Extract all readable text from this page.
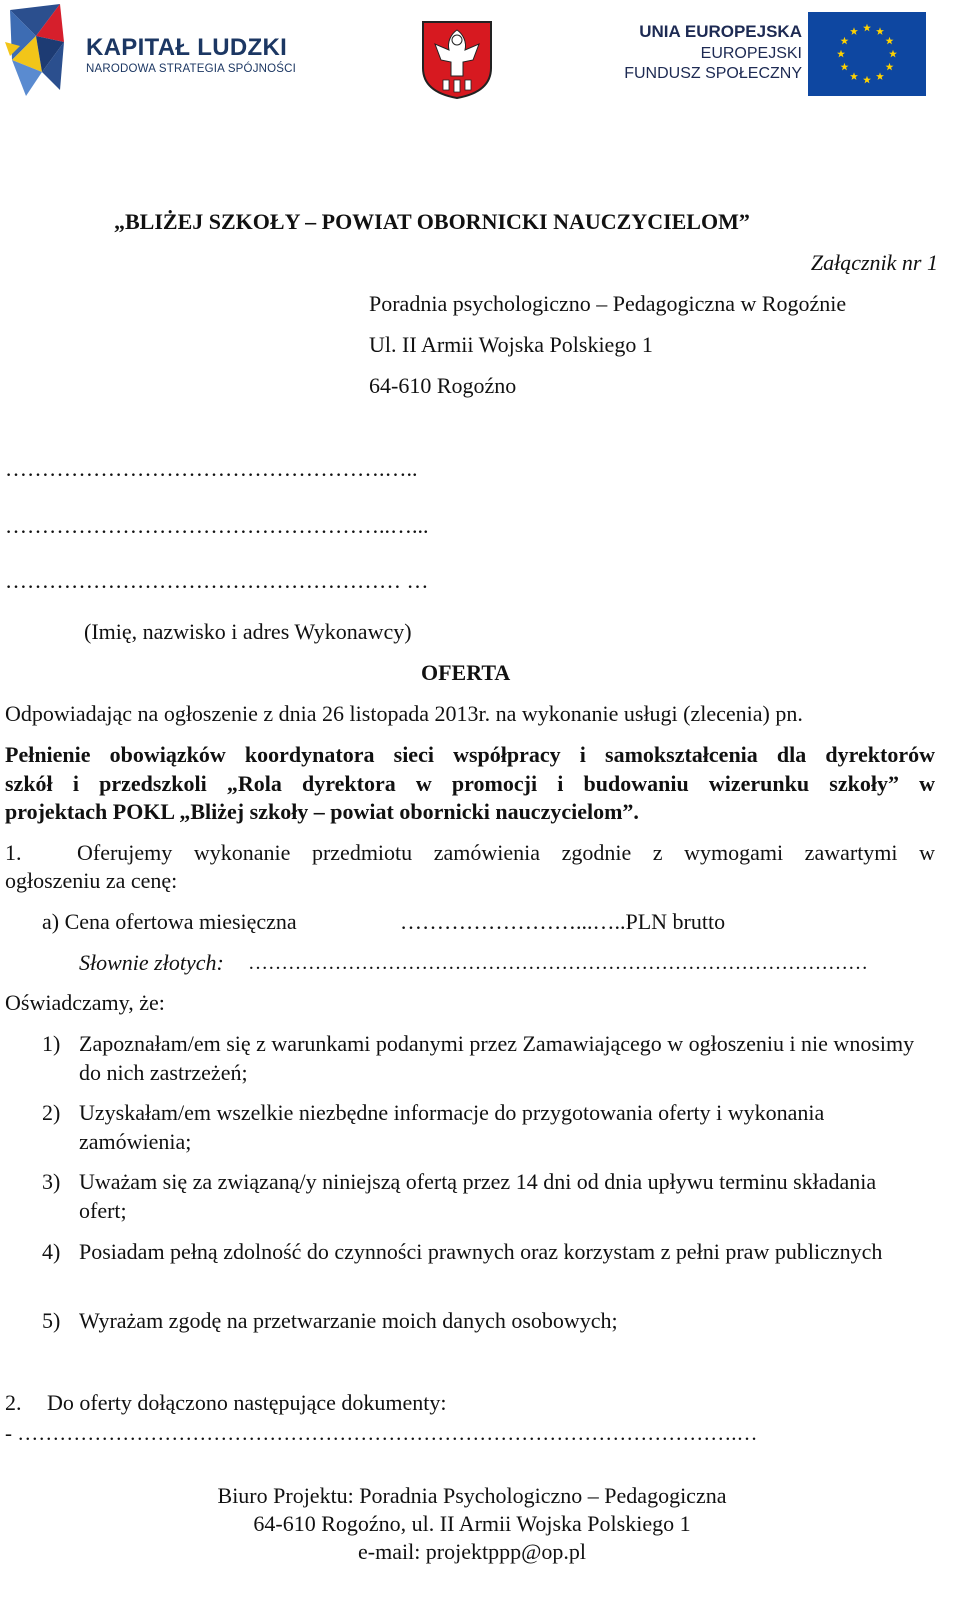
KAPITAŁ LUDZKI
NARODOWA STRATEGIA SPÓJNOŚCI
UNIA EUROPEJSKA
EUROPEJSKI
FUNDUSZ SPOŁECZNY
„BLIŻEJ SZKOŁY – POWIAT OBORNICKI NAUCZYCIELOM”
Załącznik nr 1
Poradnia psychologiczno – Pedagogiczna w Rogoźnie
Ul. II Armii Wojska Polskiego 1
64-610 Rogoźno
…………………………………………….…..
……………………………………………..…...
……………………………………………… …
(Imię, nazwisko i adres Wykonawcy)
OFERTA
Odpowiadając na ogłoszenie z dnia 26 listopada 2013r. na wykonanie usługi (zlecenia) pn.
Pełnienie obowiązków koordynatora sieci współpracy i samokształcenia dla dyrektorów
szkół i przedszkoli „Rola dyrektora w promocji i budowaniu wizerunku szkoły” w
projektach POKL „Bliżej szkoły – powiat obornicki nauczycielom”.
1.	Oferujemy wykonanie przedmiotu zamówienia zgodnie z wymogami zawartymi w
ogłoszeniu za cenę:
a) Cena ofertowa miesięczna	……………………...…..PLN brutto
Słownie złotych: …………………………………………………………………………………
Oświadczamy, że:
1) Zapoznałam/em się z warunkami podanymi przez Zamawiającego w ogłoszeniu i nie wnosimy do nich zastrzeżeń;
2) Uzyskałam/em wszelkie niezbędne informacje do przygotowania oferty i wykonania zamówienia;
3) Uważam się za związaną/y niniejszą ofertą przez 14 dni od dnia upływu terminu składania ofert;
4) Posiadam pełną zdolność do czynności prawnych oraz korzystam z pełni praw publicznych
5) Wyrażam zgodę na przetwarzanie moich danych osobowych;
2. Do oferty dołączono następujące dokumenty:
- ………………………………………………………………………………………….…
Biuro Projektu: Poradnia Psychologiczno – Pedagogiczna
64-610 Rogoźno, ul. II Armii Wojska Polskiego 1
e-mail: projektppp@op.pl
